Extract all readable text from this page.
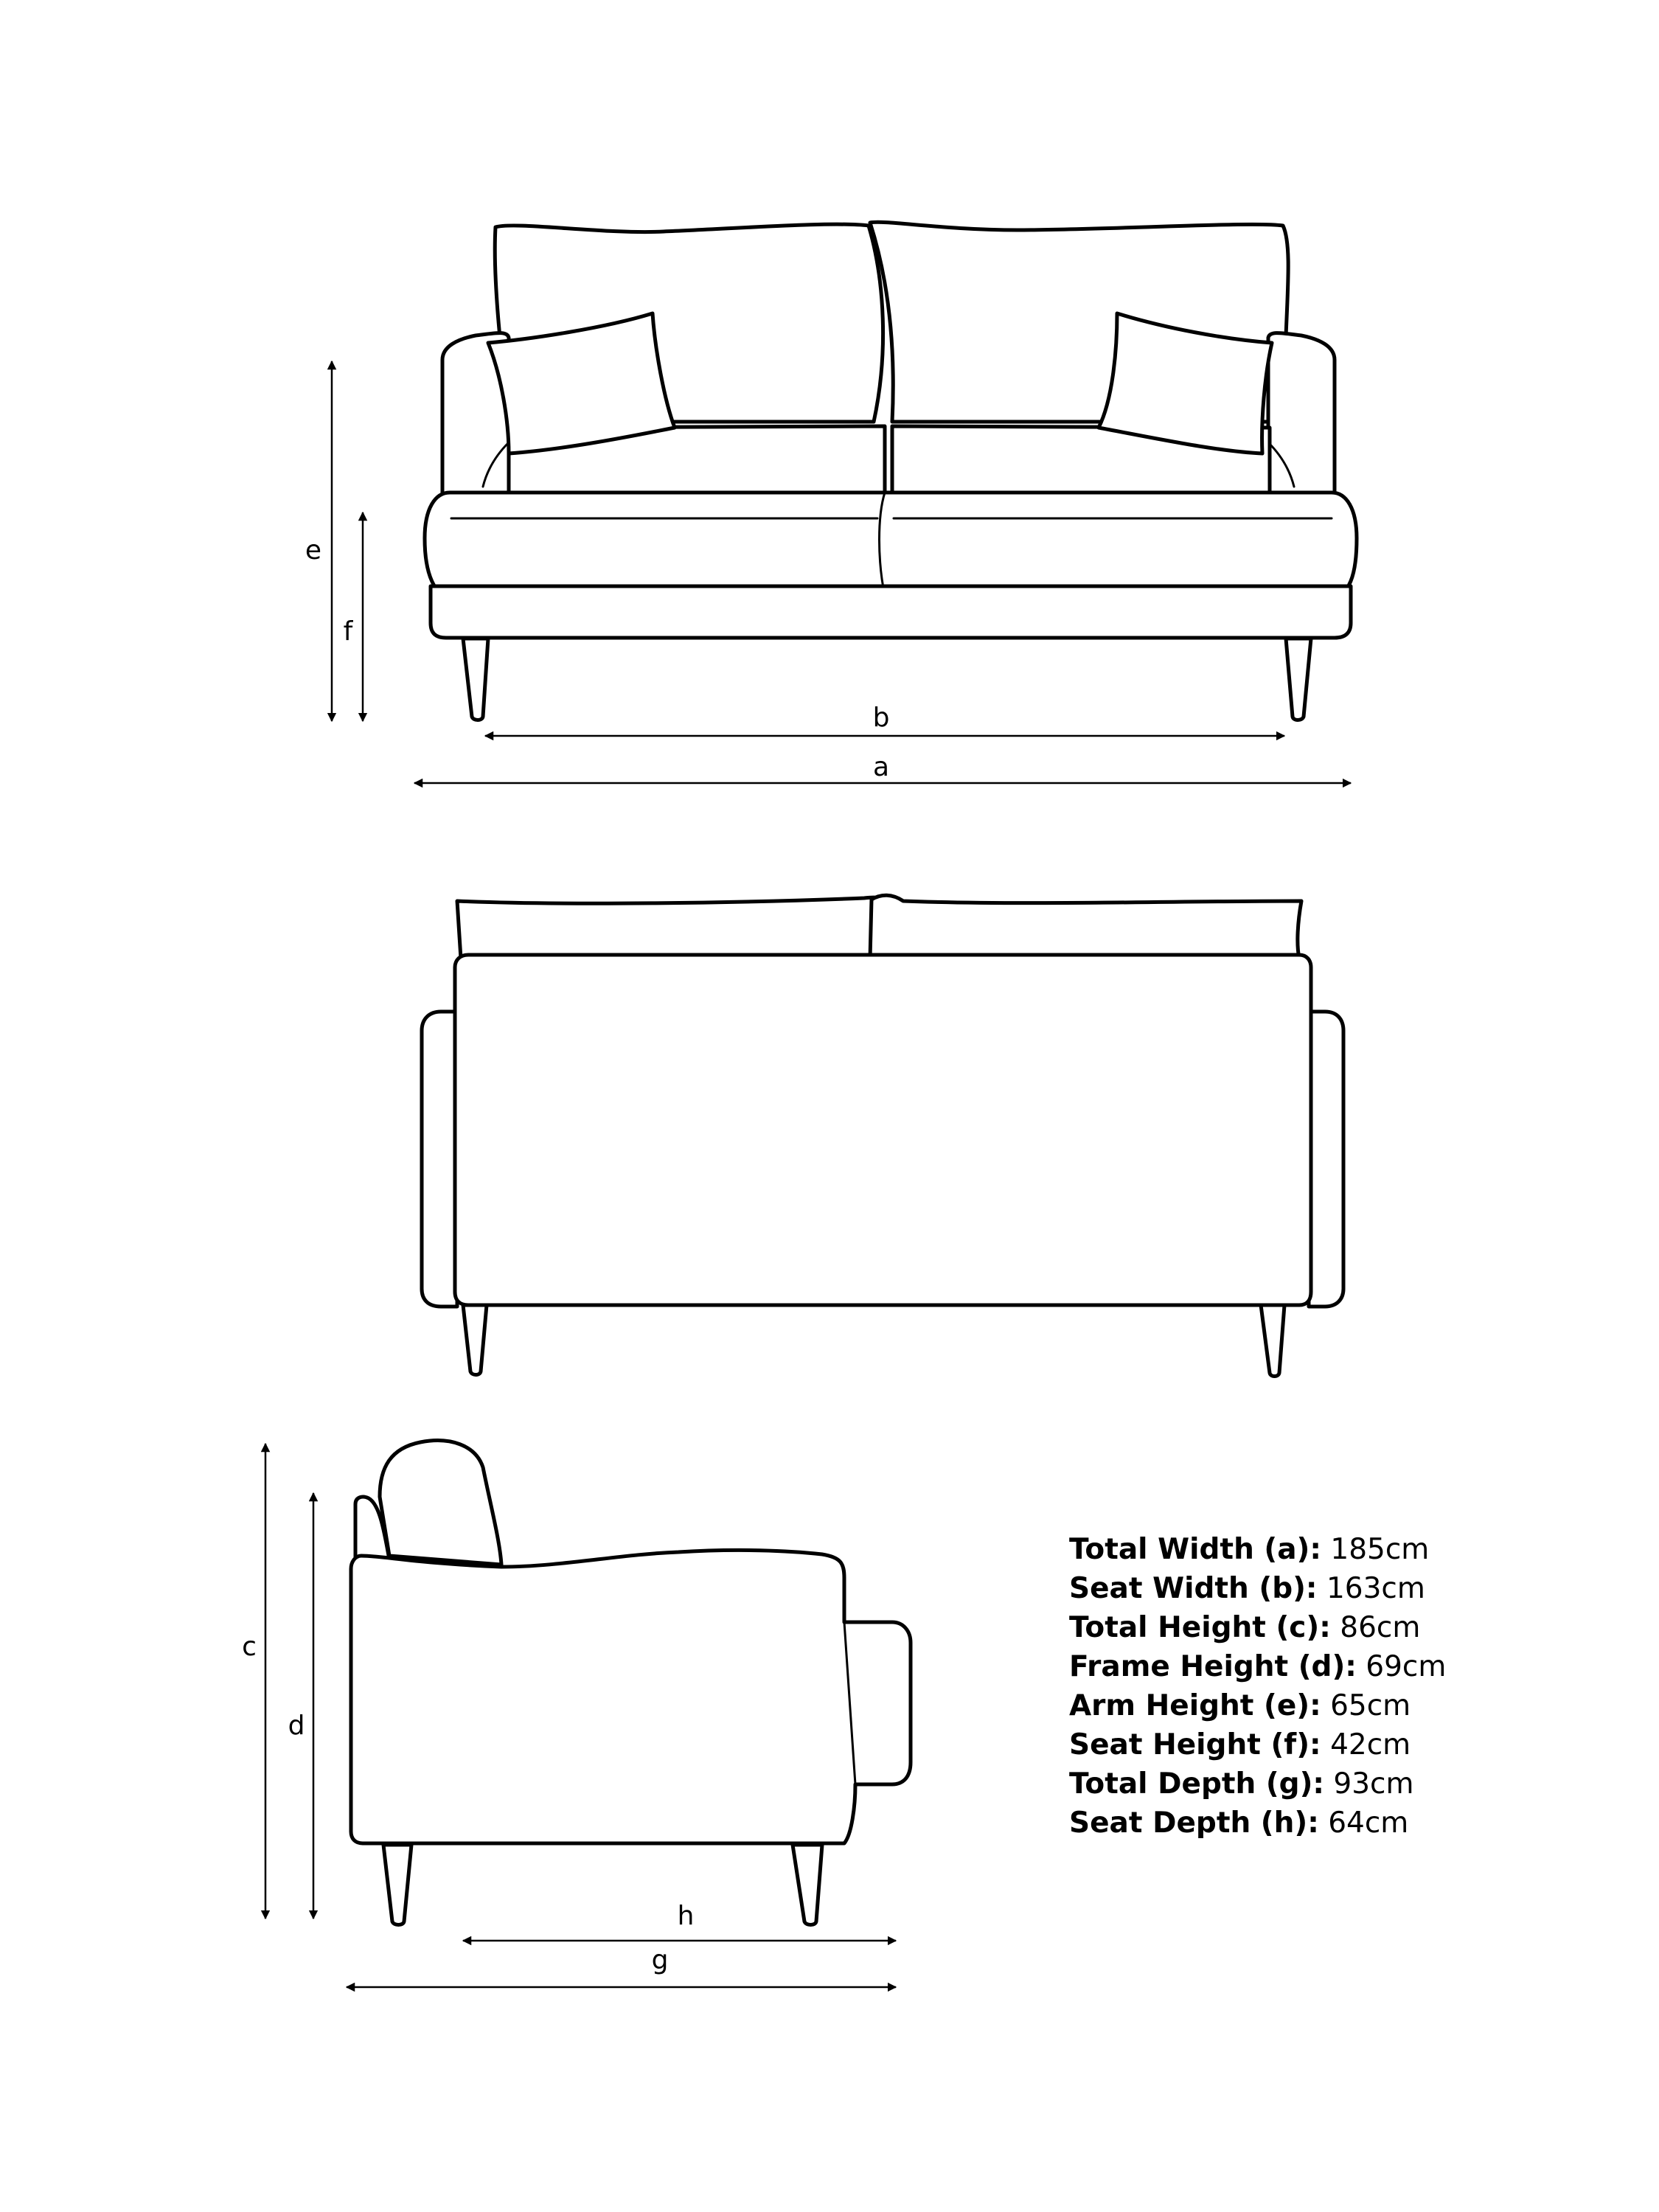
e
f
b
a
c
d
h
g
Total Width (a): 185cm
Seat Width (b): 163cm
Total Height (c): 86cm
Frame Height (d): 69cm
Arm Height (e): 65cm
Seat Height (f): 42cm
Total Depth (g): 93cm
Seat Depth (h): 64cm
